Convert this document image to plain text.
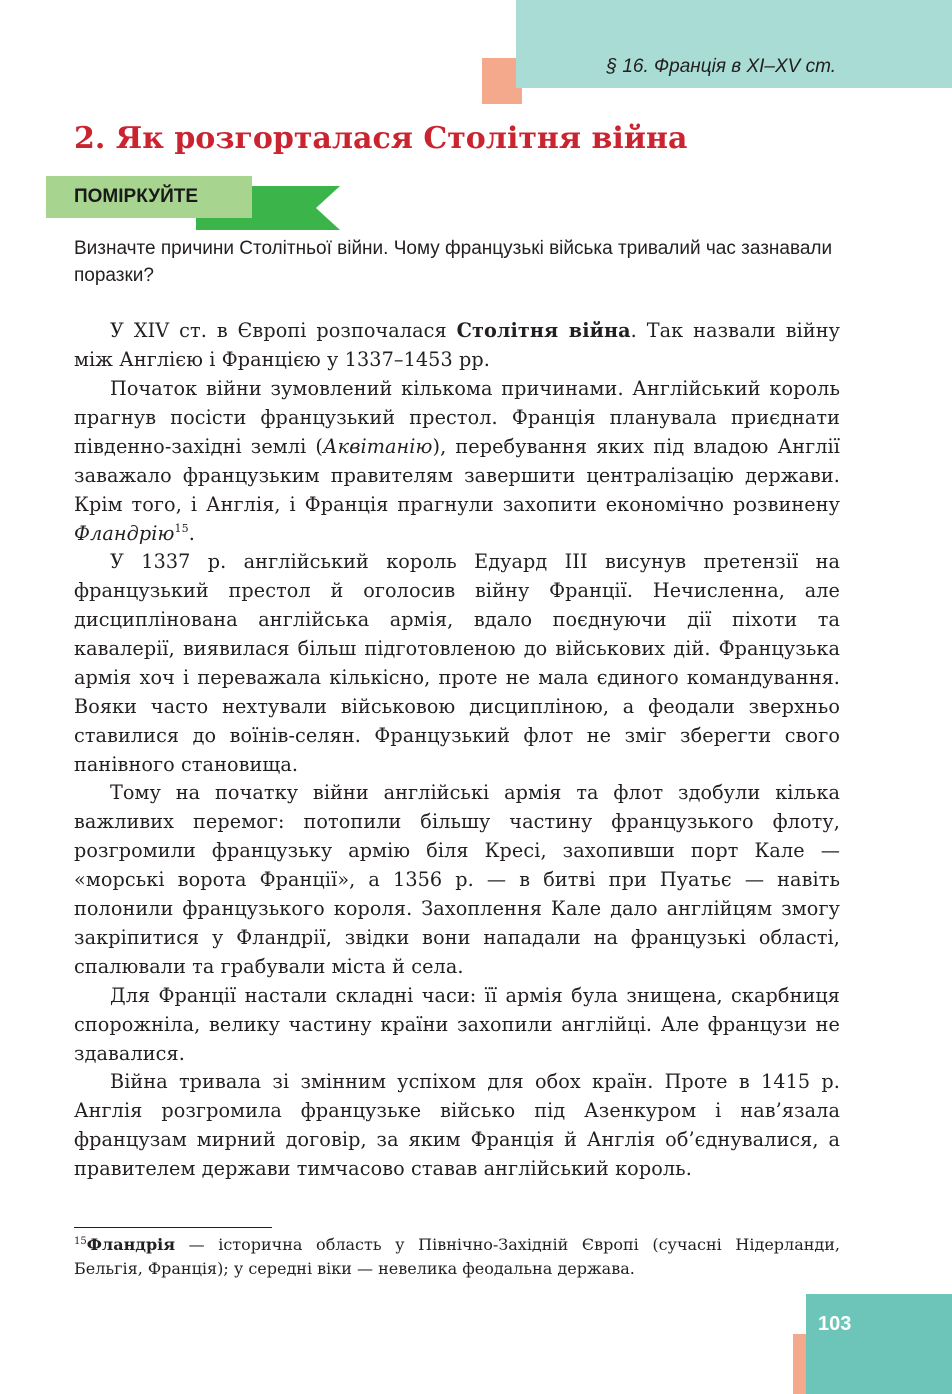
§ 16. Франція в XI–XV ст.
2. Як розгорталася Столітня війна
ПОМІРКУЙТЕ

Визначте причини Столітньої війни. Чому французькі війська тривалий час зазнавали поразки?

У XIV ст. в Європі розпочалася Столітня війна. Так назвали війну між Англією і Францією у 1337–1453 рр.

Початок війни зумовлений кількома причинами. Англійський король прагнув посісти французький престол. Франція планувала приєднати південно-західні землі (Аквітанію), перебування яких під владою Англії заважало французьким правителям завершити централізацію держави. Крім того, і Англія, і Франція прагнули захопити економічно розвинену Фландрію$^{15}$.

У 1337 р. англійський король Едуард III висунув претензії на французький престол й оголосив війну Франції. Нечисленна, але дисциплінована англійська армія, вдало поєднуючи дії піхоти та кавалерії, виявилася більш підготовленою до військових дій. Французька армія хоч і переважала кількісно, проте не мала єдиного командування. Вояки часто нехтували військовою дисципліною, а феодали зверхньо ставилися до воїнів-селян. Французький флот не зміг зберегти свого панівного становища.

Тому на початку війни англійські армія та флот здобули кілька важливих перемог: потопили більшу частину французького флоту, розгромили французьку армію біля Кресі, захопивши порт Кале — «морські ворота Франції», а 1356 р. — в битві при Пуатьє — навіть полонили французького короля. Захоплення Кале дало англійцям змогу закріпитися у Фландрії, звідки вони нападали на французькі області, спалювали та грабували міста й села.

Для Франції настали складні часи: її армія була знищена, скарбниця спорожніла, велику частину країни захопили англійці. Але французи не здавалися.

Війна тривала зі змінним успіхом для обох країн. Проте в 1415 р. Англія розгромила французьке військо під Азенкуром і нав’язала французам мирний договір, за яким Франція й Англія об’єднувалися, а правителем держави тимчасово ставав англійський король.

$^{15}$Фландрія — історична область у Північно-Західній Європі (сучасні Нідерланди, Бельгія, Франція); у середні віки — невелика феодальна держава.

103
